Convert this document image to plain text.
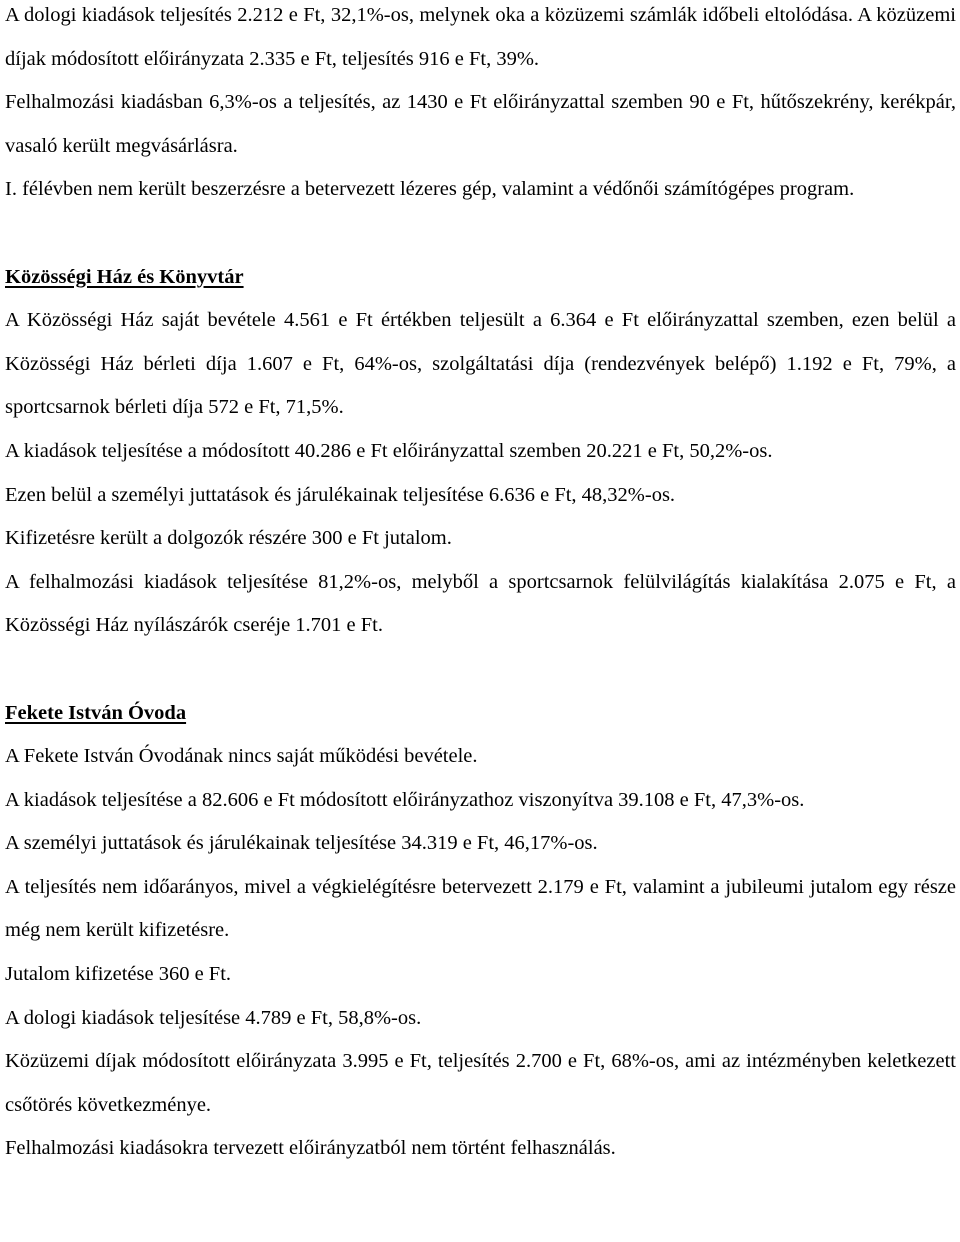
A dologi kiadások teljesítés 2.212 e Ft, 32,1%-os, melynek oka a közüzemi számlák időbeli eltolódása. A közüzemi díjak módosított előirányzata 2.335 e Ft, teljesítés 916 e Ft, 39%.

Felhalmozási kiadásban 6,3%-os a teljesítés, az 1430 e Ft előirányzattal szemben 90 e Ft, hűtőszekrény, kerékpár, vasaló került megvásárlásra.

I. félévben nem került beszerzésre a betervezett lézeres gép, valamint a védőnői számítógépes program.

Közösségi Ház és Könyvtár

A Közösségi Ház saját bevétele 4.561 e Ft értékben teljesült a 6.364 e Ft előirányzattal szemben, ezen belül a Közösségi Ház bérleti díja 1.607 e Ft, 64%-os, szolgáltatási díja (rendezvények belépő) 1.192 e Ft, 79%, a sportcsarnok bérleti díja 572 e Ft, 71,5%.

A kiadások teljesítése a módosított 40.286 e Ft előirányzattal szemben 20.221 e Ft, 50,2%-os.

Ezen belül a személyi juttatások és járulékainak teljesítése 6.636 e Ft, 48,32%-os.

Kifizetésre került a dolgozók részére 300 e Ft jutalom.

A felhalmozási kiadások teljesítése 81,2%-os, melyből a sportcsarnok felülvilágítás kialakítása 2.075 e Ft, a Közösségi Ház nyílászárók cseréje 1.701 e Ft.

Fekete István Óvoda

A Fekete István Óvodának nincs saját működési bevétele.

A kiadások teljesítése a 82.606 e Ft módosított előirányzathoz viszonyítva 39.108 e Ft, 47,3%-os.

A személyi juttatások és járulékainak teljesítése 34.319 e Ft, 46,17%-os.

A teljesítés nem időarányos, mivel a végkielégítésre betervezett 2.179 e Ft, valamint a jubileumi jutalom egy része még nem került kifizetésre.

Jutalom kifizetése 360 e Ft.

A dologi kiadások teljesítése 4.789 e Ft, 58,8%-os.

Közüzemi díjak módosított előirányzata 3.995 e Ft, teljesítés 2.700 e Ft, 68%-os, ami az intézményben keletkezett csőtörés következménye.

Felhalmozási kiadásokra tervezett előirányzatból nem történt felhasználás.
